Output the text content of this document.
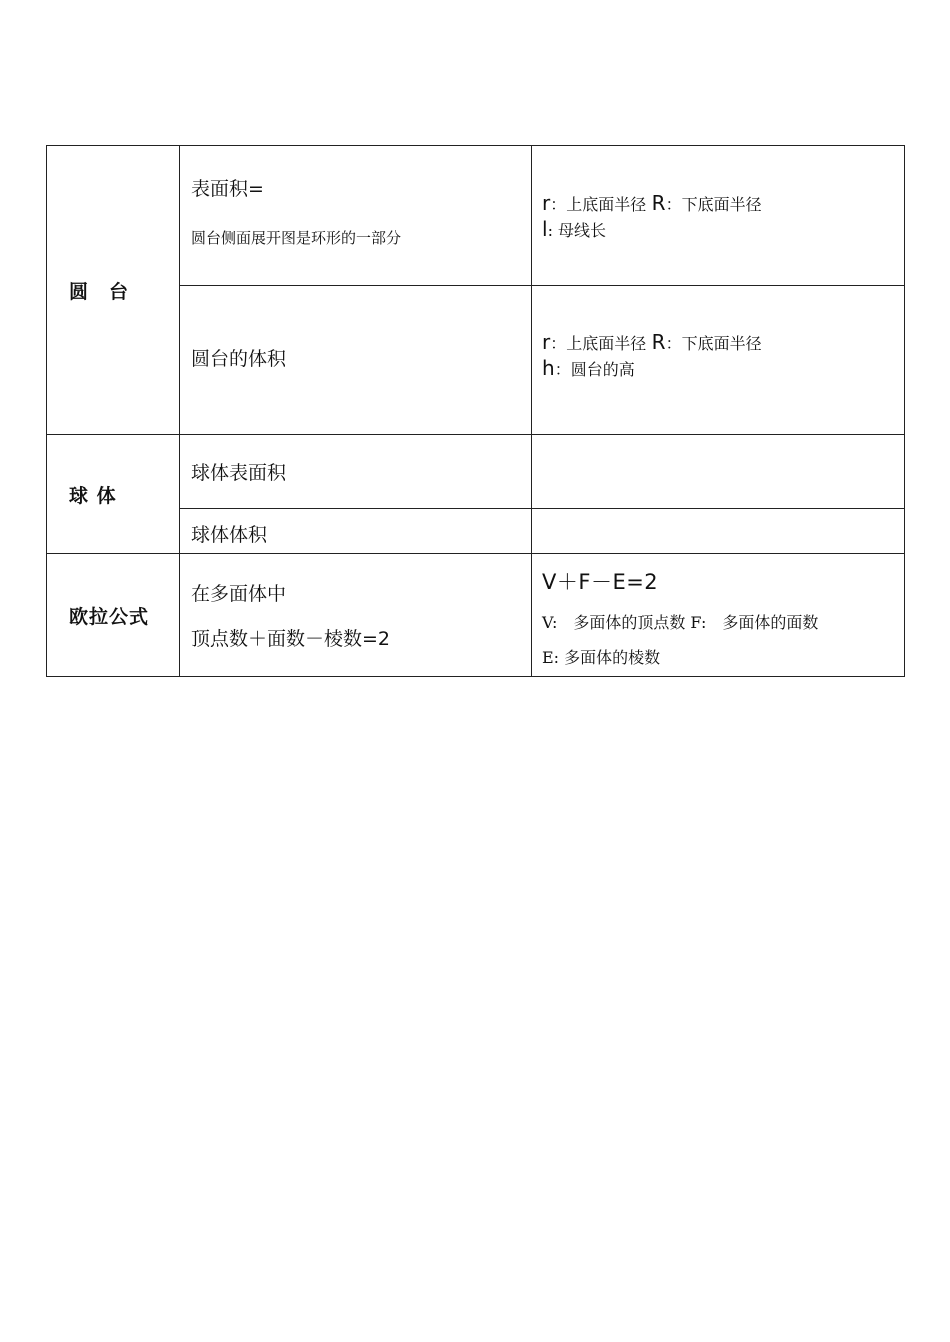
圆　台	表面积=
圆台侧面展开图是环形的一部分	r：上底面半径 R：下底面半径
l: 母线长

	圆台的体积	r：上底面半径 R：下底面半径
h：圆台的高

球 体	球体表面积	

	球体体积	

欧拉公式	在多面体中
顶点数＋面数－棱数=2	V＋F－E=2
V:　多面体的顶点数 F:　多面体的面数
E: 多面体的棱数
